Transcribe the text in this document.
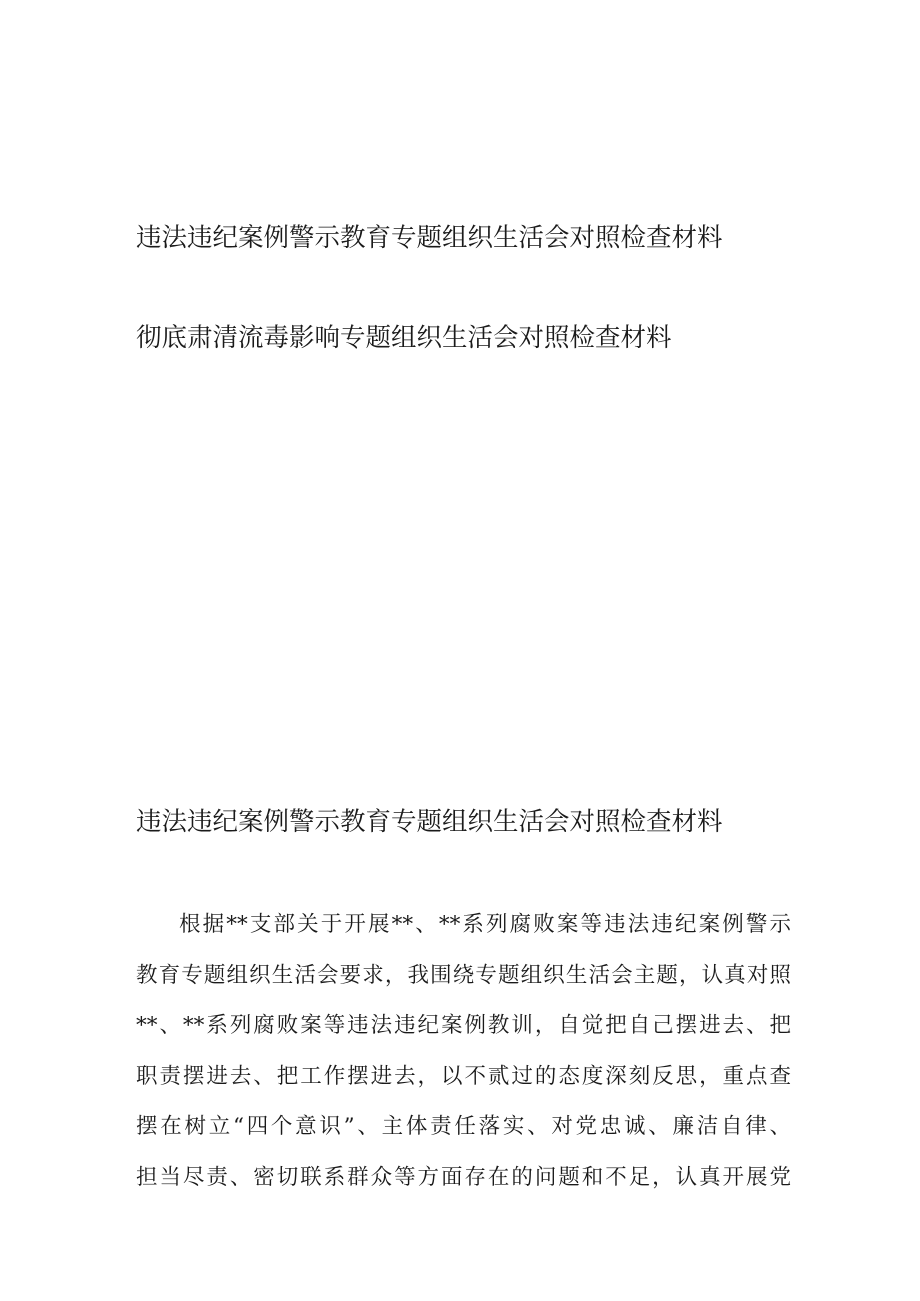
违法违纪案例警示教育专题组织生活会对照检查材料
彻底肃清流毒影响专题组织生活会对照检查材料
违法违纪案例警示教育专题组织生活会对照检查材料
根据**支部关于开展**、**系列腐败案等违法违纪案例警示
教育专题组织生活会要求，我围绕专题组织生活会主题，认真对照
**、**系列腐败案等违法违纪案例教训，自觉把自己摆进去、把
职责摆进去、把工作摆进去，以不贰过的态度深刻反思，重点查
摆在树立“四个意识”、主体责任落实、对党忠诚、廉洁自律、
担当尽责、密切联系群众等方面存在的问题和不足，认真开展党
